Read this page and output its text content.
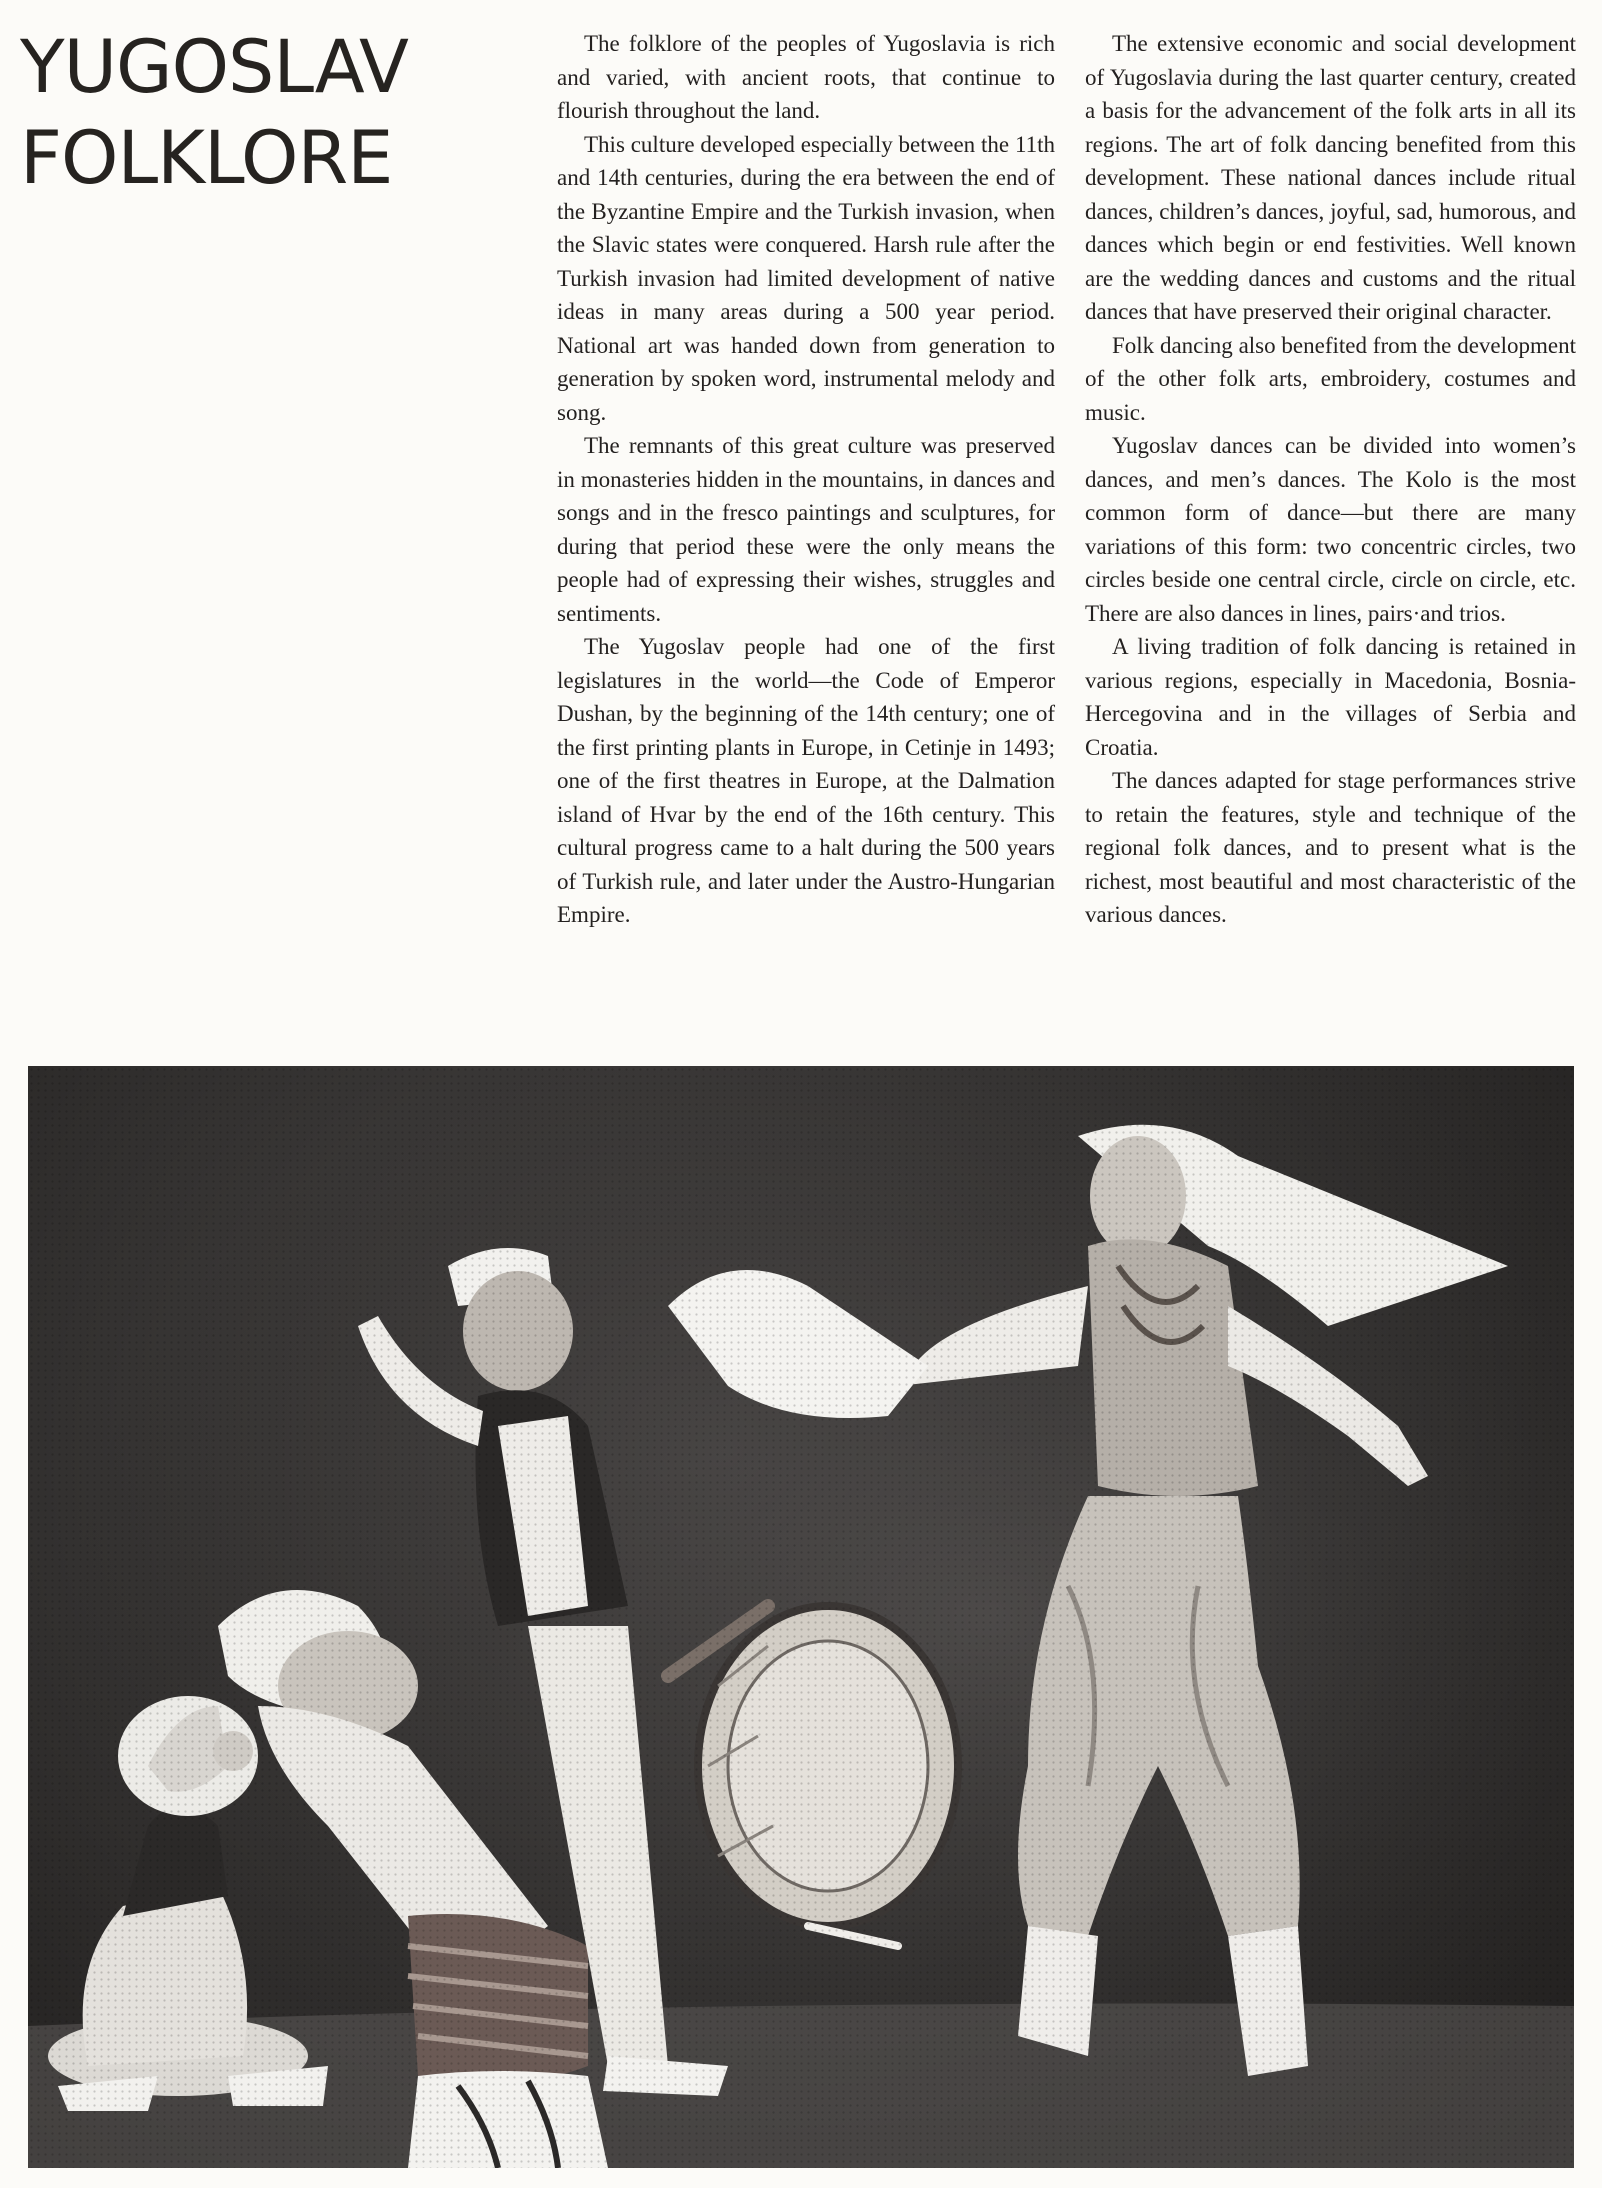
YUGOSLAV
FOLKLORE

The folklore of the peoples of Yugoslavia is rich and varied, with ancient roots, that continue to flourish throughout the land.

This culture developed especially between the 11th and 14th centuries, during the era between the end of the Byzantine Empire and the Turkish invasion, when the Slavic states were conquered. Harsh rule after the Turkish invasion had limited development of native ideas in many areas during a 500 year period. National art was handed down from generation to generation by spoken word, instrumental melody and song.

The remnants of this great culture was preserved in monasteries hidden in the mountains, in dances and songs and in the fresco paintings and sculptures, for during that period these were the only means the people had of expressing their wishes, struggles and sentiments.

The Yugoslav people had one of the first legislatures in the world—the Code of Emperor Dushan, by the beginning of the 14th century; one of the first printing plants in Europe, in Cetinje in 1493; one of the first theatres in Europe, at the Dalmation island of Hvar by the end of the 16th century. This cultural progress came to a halt during the 500 years of Turkish rule, and later under the Austro-Hungarian Empire.

The extensive economic and social development of Yugoslavia during the last quarter century, created a basis for the advancement of the folk arts in all its regions. The art of folk dancing benefited from this development. These national dances include ritual dances, children’s dances, joyful, sad, humorous, and dances which begin or end festivities. Well known are the wedding dances and customs and the ritual dances that have preserved their original character.

Folk dancing also benefited from the development of the other folk arts, embroidery, costumes and music.

Yugoslav dances can be divided into women’s dances, and men’s dances. The Kolo is the most common form of dance—but there are many variations of this form: two concentric circles, two circles beside one central circle, circle on circle, etc. There are also dances in lines, pairs·and trios.

A living tradition of folk dancing is retained in various regions, especially in Macedonia, Bosnia-Hercegovina and in the villages of Serbia and Croatia.

The dances adapted for stage performances strive to retain the features, style and technique of the regional folk dances, and to present what is the richest, most beautiful and most characteristic of the various dances.
